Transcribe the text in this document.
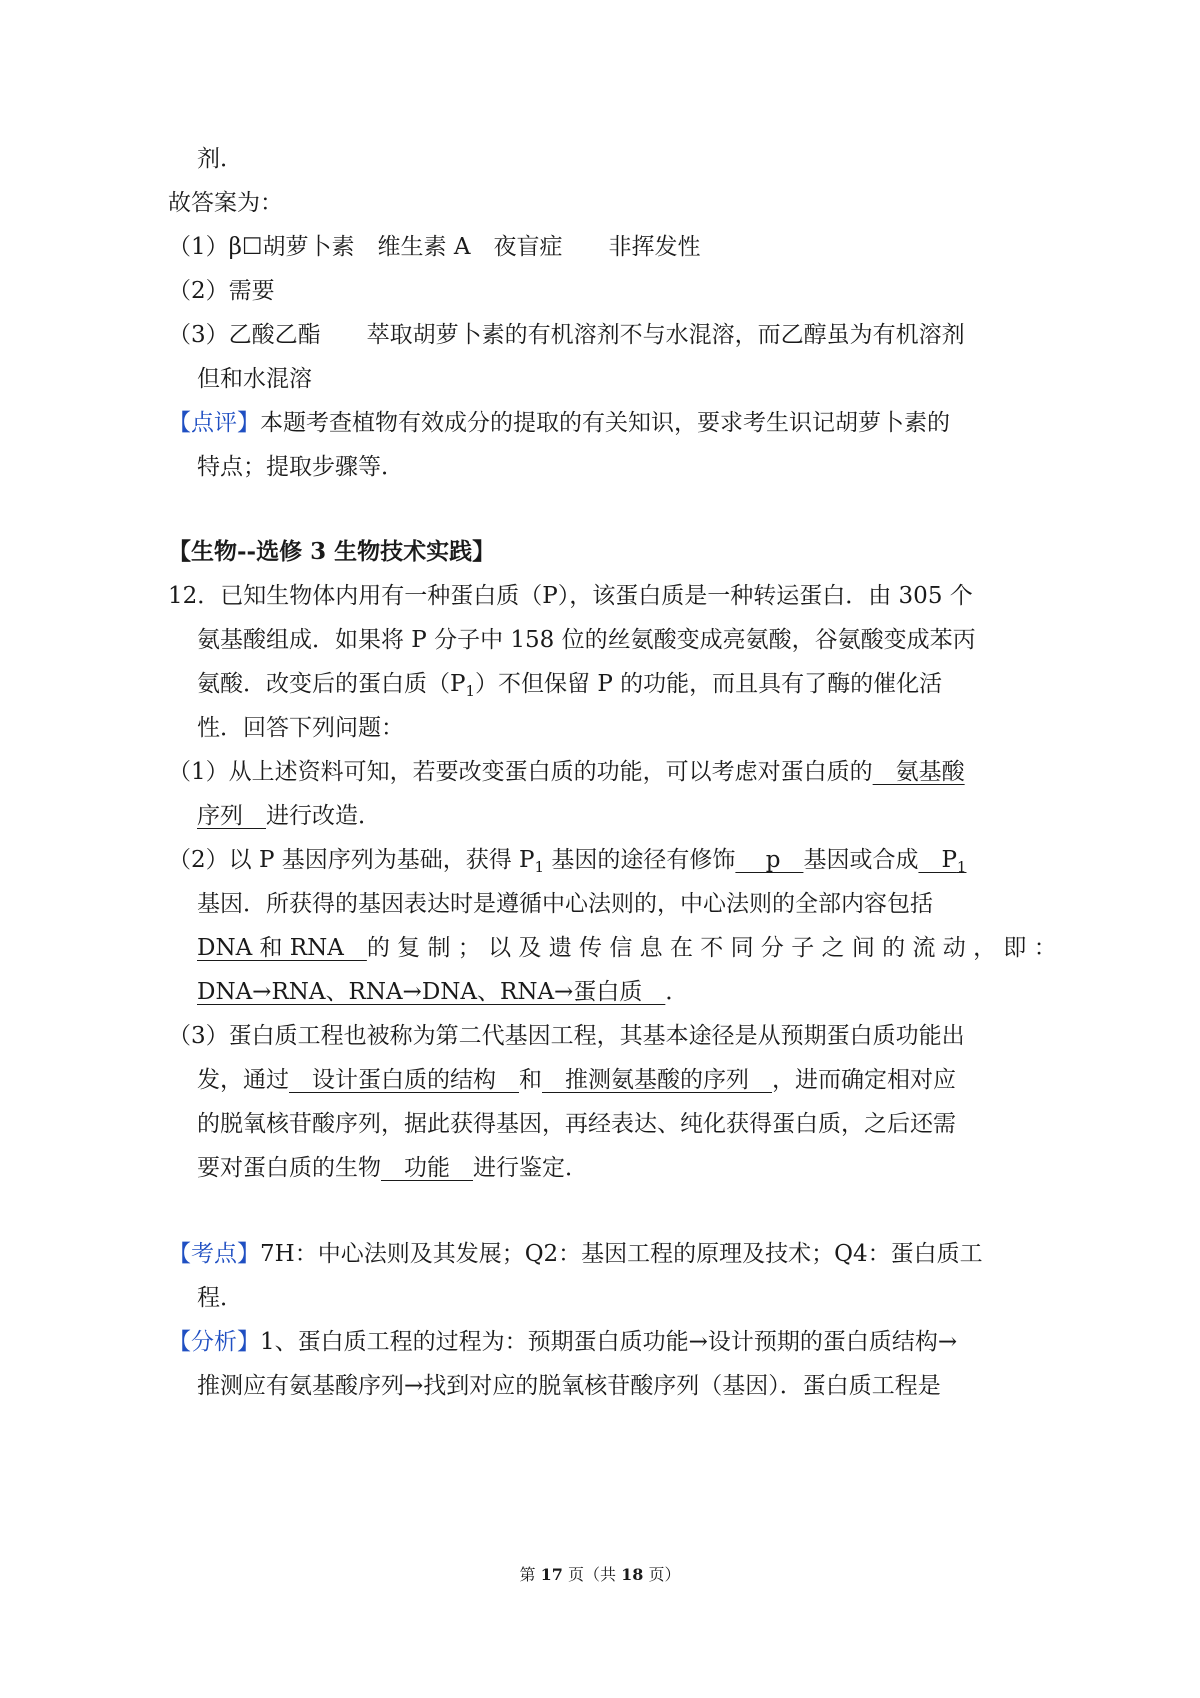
剂．
故答案为：
（1）β☐胡萝卜素　维生素 A　夜盲症　　非挥发性
（2）需要
（3）乙酸乙酯　　萃取胡萝卜素的有机溶剂不与水混溶，而乙醇虽为有机溶剂
但和水混溶
【点评】本题考查植物有效成分的提取的有关知识，要求考生识记胡萝卜素的
特点；提取步骤等．
【生物--选修 3 生物技术实践】
12．已知生物体内用有一种蛋白质（P），该蛋白质是一种转运蛋白．由 305 个
氨基酸组成．如果将 P 分子中 158 位的丝氨酸变成亮氨酸，谷氨酸变成苯丙
氨酸．改变后的蛋白质$(P_1)$不但保留 P 的功能，而且具有了酶的催化活
性．回答下列问题：
（1）从上述资料可知，若要改变蛋白质的功能，可以考虑对蛋白质的　氨基酸
序列　进行改造．
（2）以 P 基因序列为基础，获得 $P_1$ 基因的途径有修饰　 p　基因或合成　$P_1$
基因．所获得的基因表达时是遵循中心法则的，中心法则的全部内容包括
DNA 和 RNA　的 复 制 ； 以 及 遗 传 信 息 在 不 同 分 子 之 间 的 流 动 ， 即 ：
DNA→RNA、RNA→DNA、RNA→蛋白质　．
（3）蛋白质工程也被称为第二代基因工程，其基本途径是从预期蛋白质功能出
发，通过　设计蛋白质的结构　和　推测氨基酸的序列　，进而确定相对应
的脱氧核苷酸序列，据此获得基因，再经表达、纯化获得蛋白质，之后还需
要对蛋白质的生物　功能　进行鉴定．
【考点】7H：中心法则及其发展；Q2：基因工程的原理及技术；Q4：蛋白质工
程．
【分析】1、蛋白质工程的过程为：预期蛋白质功能→设计预期的蛋白质结构→
推测应有氨基酸序列→找到对应的脱氧核苷酸序列（基因）．蛋白质工程是
第 17 页（共 18 页）
